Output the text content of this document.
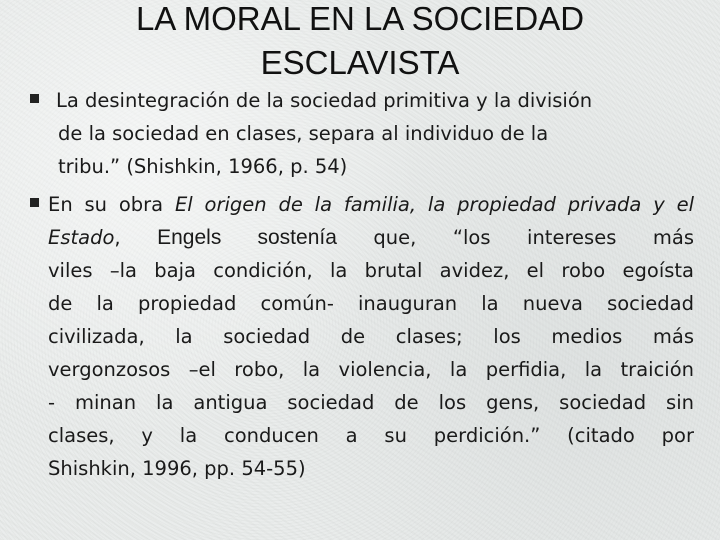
LA MORAL EN LA SOCIEDAD
ESCLAVISTA

La desintegración de la sociedad primitiva y la división
de la sociedad en clases, separa al individuo de la
tribu.” (Shishkin, 1966, p. 54)

En su obra El origen de la familia, la propiedad privada y el Estado, Engels sostenía que, “los intereses más
viles –la baja condición, la brutal avidez, el robo egoísta
de la propiedad común- inauguran la nueva sociedad
civilizada, la sociedad de clases; los medios más
vergonzosos –el robo, la violencia, la perfidia, la traición
- minan la antigua sociedad de los gens, sociedad sin
clases, y la conducen a su perdición.” (citado por
Shishkin, 1996, pp. 54-55)
